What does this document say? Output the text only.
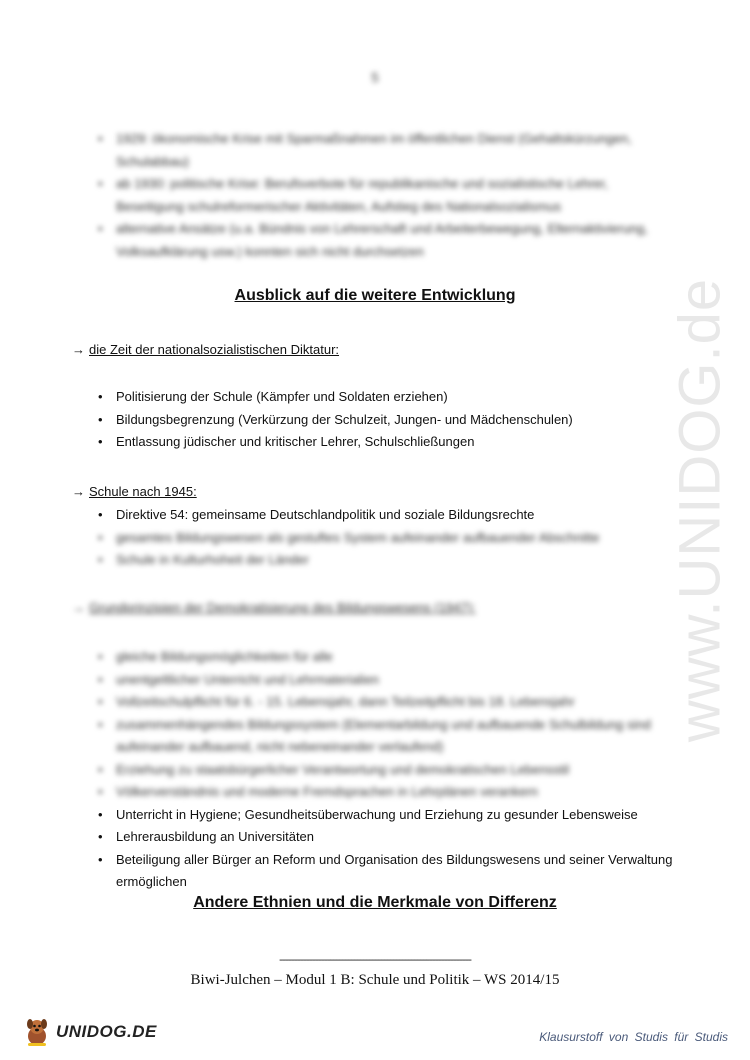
www.UNIDOG.de
5
• 1929: ökonomische Krise mit Sparmaßnahmen im öffentlichen Dienst (Gehaltskürzungen, Schulabbau)
• ab 1930: politische Krise: Berufsverbote für republikanische und sozialistische Lehrer, Beseitigung schulreformerischer Aktivitäten, Aufstieg des Nationalsozialismus
• alternative Ansätze (u.a. Bündnis von Lehrerschaft und Arbeiterbewegung, Elternaktivierung, Volksaufklärung usw.) konnten sich nicht durchsetzen
Ausblick auf die weitere Entwicklung
→ die Zeit der nationalsozialistischen Diktatur:
• Politisierung der Schule (Kämpfer und Soldaten erziehen)
• Bildungsbegrenzung (Verkürzung der Schulzeit, Jungen- und Mädchenschulen)
• Entlassung jüdischer und kritischer Lehrer, Schulschließungen
→ Schule nach 1945:
• Direktive 54: gemeinsame Deutschlandpolitik und soziale Bildungsrechte
• gesamtes Bildungswesen als gestuftes System aufeinander aufbauender Abschnitte
• Schule in Kulturhoheit der Länder
→ Grundprinzipien der Demokratisierung des Bildungswesens (1947):
• gleiche Bildungsmöglichkeiten für alle
• unentgeltlicher Unterricht und Lehrmaterialien
• Vollzeitschulpflicht für 6. - 15. Lebensjahr, dann Teilzeitpflicht bis 18. Lebensjahr
• zusammenhängendes Bildungssystem (Elementarbildung und aufbauende Schulbildung sind aufeinander aufbauend, nicht nebeneinander verlaufend)
• Erziehung zu staatsbürgerlicher Verantwortung und demokratischen Lebensstil
• Völkerverständnis und moderne Fremdsprachen in Lehrplänen verankern
• Unterricht in Hygiene; Gesundheitsüberwachung und Erziehung zu gesunder Lebensweise
• Lehrerausbildung an Universitäten
• Beteiligung aller Bürger an Reform und Organisation des Bildungswesens und seiner Verwaltung ermöglichen
Andere Ethnien und die Merkmale von Differenz
----------------------------------------------------------------
Biwi-Julchen – Modul 1 B: Schule und Politik – WS 2014/15
UNIDOG.DE	Klausurstoff von Studis für Studis
